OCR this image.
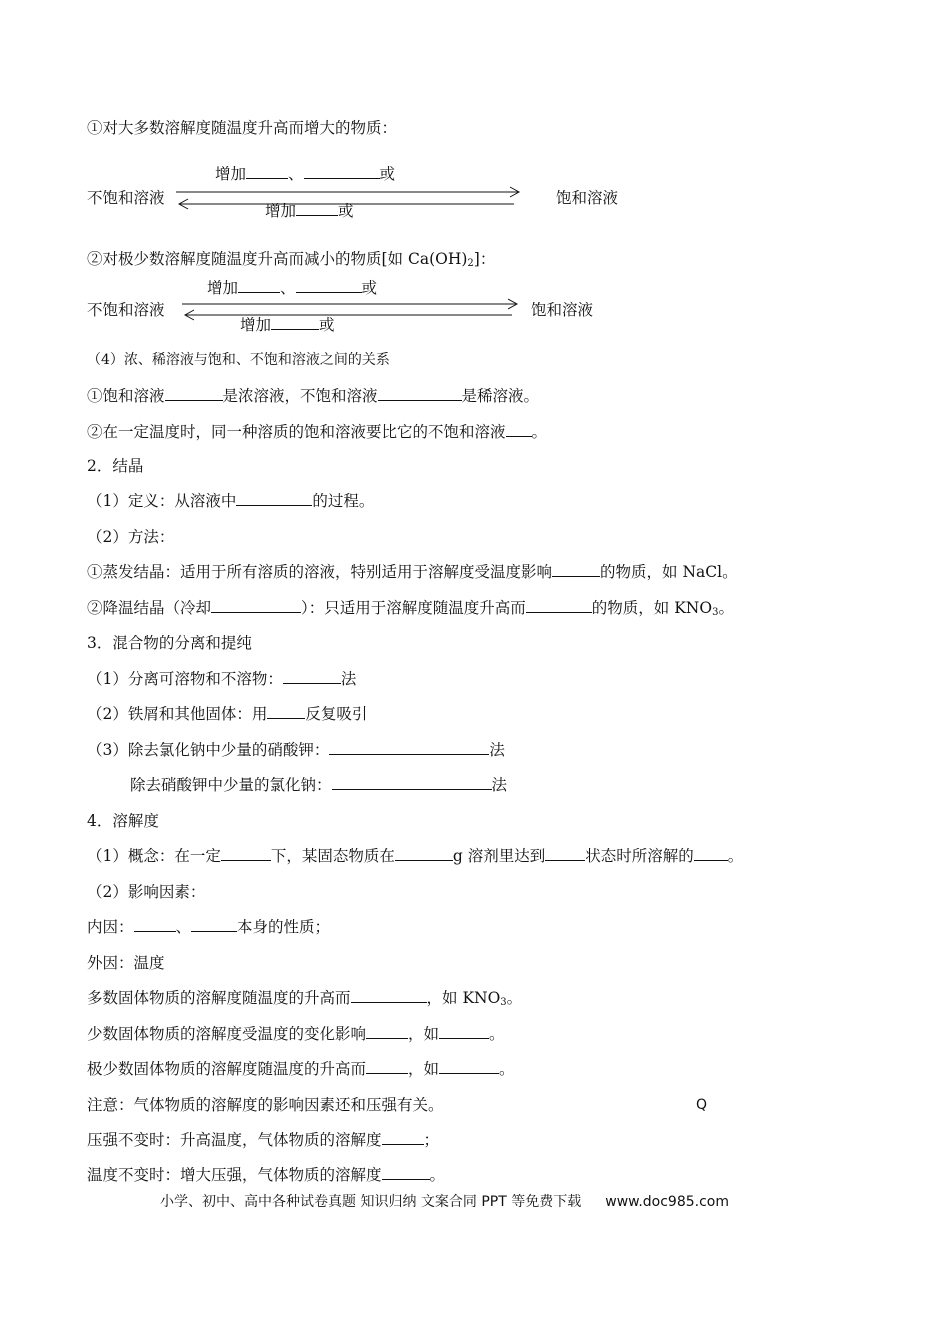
①对大多数溶解度随温度升高而增大的物质：
增加	、	或
不饱和溶液	饱和溶液
增加	或
②对极少数溶解度随温度升高而减小的物质[如 $Ca(OH)_2$]：
增加	、	或
不饱和溶液	饱和溶液
增加	或
（4）浓、稀溶液与饱和、不饱和溶液之间的关系
①饱和溶液	是浓溶液，不饱和溶液	是稀溶液。
②在一定温度时，同一种溶质的饱和溶液要比它的不饱和溶液 。
2．结晶
（1）定义：从溶液中	的过程。
（2）方法：
①蒸发结晶：适用于所有溶质的溶液，特别适用于溶解度受温度影响	的物质，如 NaCl。
②降温结晶（冷却	）：只适用于溶解度随温度升高而	的物质，如 $KNO_3$。
3．混合物的分离和提纯
（1）分离可溶物和不溶物：	法
（2）铁屑和其他固体：用 反复吸引
（3）除去氯化钠中少量的硝酸钾：	法
除去硝酸钾中少量的氯化钠：	法
4．溶解度
（1）概念：在一定	下，某固态物质在	g 溶剂里达到	状态时所溶解的 。
（2）影响因素：
内因：	、	本身的性质；
外因：温度
多数固体物质的溶解度随温度的升高而	，如 $KNO_3$。
少数固体物质的溶解度受温度的变化影响	，如	。
极少数固体物质的溶解度随温度的升高而	，如	。
注意：气体物质的溶解度的影响因素还和压强有关。
压强不变时：升高温度，气体物质的溶解度	；
温度不变时：增大压强，气体物质的溶解度	。
Q
小学、初中、高中各种试卷真题 知识归纳 文案合同 PPT 等免费下载 www.doc985.com
